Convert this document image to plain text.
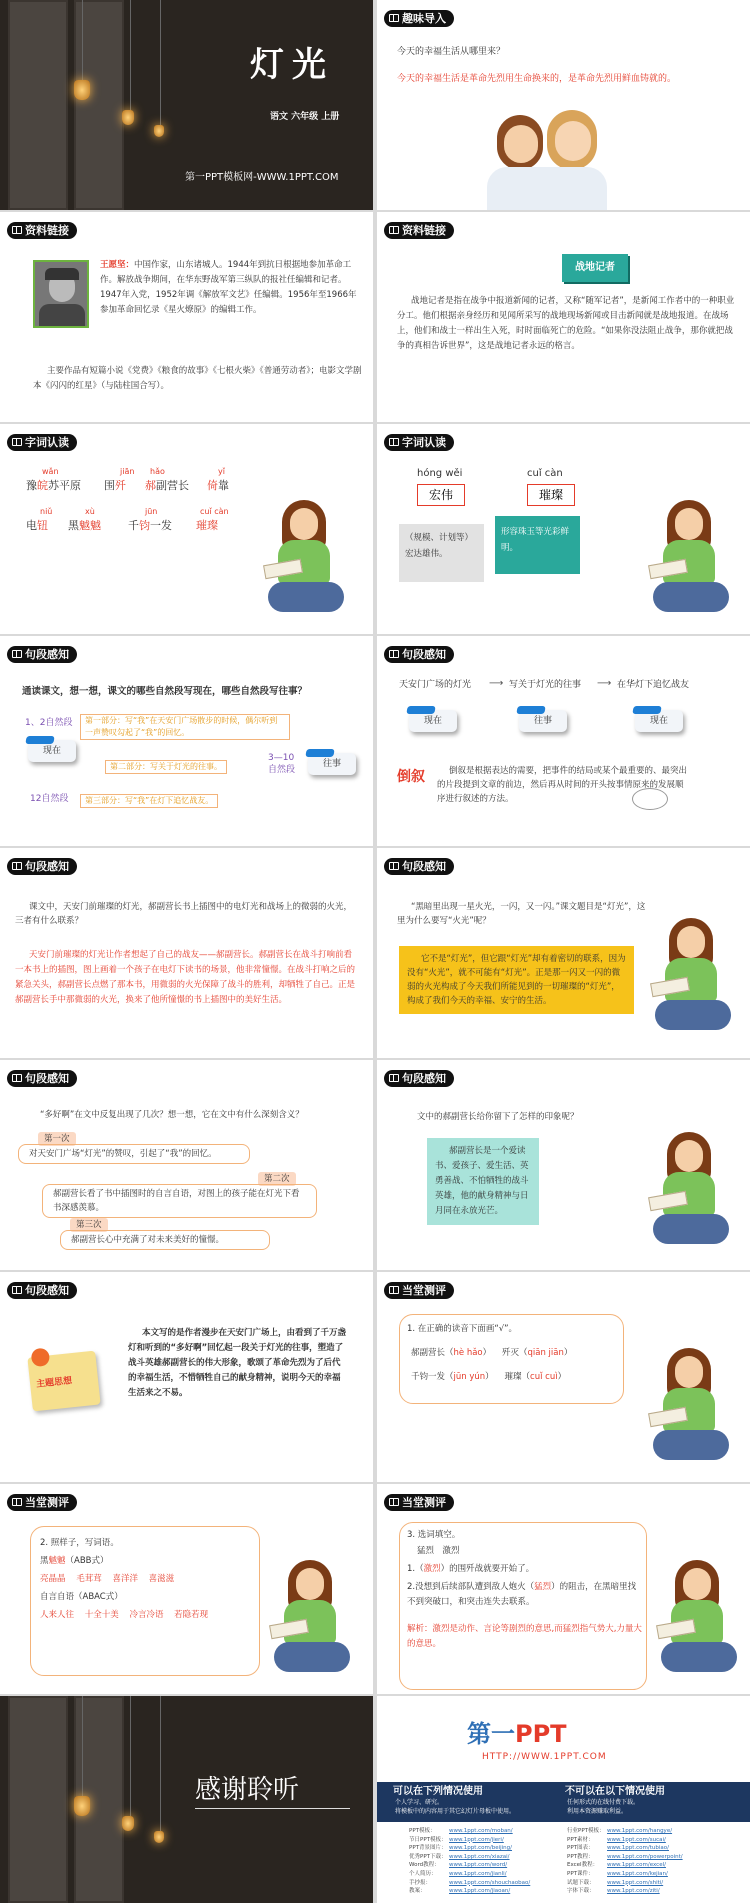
灯光
语文 六年级 上册
第一PPT模板网-WWW.1PPT.COM
趣味导入
今天的幸福生活从哪里来？
今天的幸福生活是革命先烈用生命换来的，是革命先烈用鲜血铸就的。
资料链接
王愿坚：中国作家，山东诸城人。1944年到抗日根据地参加革命工作。解放战争期间，在华东野战军第三纵队的报社任编辑和记者。1947年入党，1952年调《解放军文艺》任编辑。1956年至1966年参加革命回忆录《星火燎原》的编辑工作。
主要作品有短篇小说《党费》《粮食的故事》《七根火柴》《普通劳动者》；电影文学剧本《闪闪的红星》（与陆柱国合写）。
资料链接
战地记者
战地记者是指在战争中报道新闻的记者，又称“随军记者”，是新闻工作者中的一种职业分工。他们根据亲身经历和见闻所采写的战地现场新闻或目击新闻就是战地报道。在战场上，他们和战士一样出生入死，时时面临死亡的危险。“如果你没法阻止战争，那你就把战争的真相告诉世界”，这是战地记者永远的格言。
字词认读
wǎn
豫皖苏平原
jiān
围歼
hǎo
郝副营长
yǐ
倚靠
niǔ
电钮
xù
黑魆魆
jūn
千钧一发
cuǐ càn
璀璨
字词认读
hóng wěi
宏伟
cuǐ càn
璀璨
（规模、计划等）宏达雄伟。
形容珠玉等光彩鲜明。
句段感知
通读课文，想一想，课文的哪些自然段写现在，哪些自然段写往事？
1、2自然段
现在
12自然段
第一部分：写“我”在天安门广场散步的时候，偶尔听到一声赞叹勾起了“我”的回忆。
第二部分：写关于灯光的往事。
第三部分：写“我”在灯下追忆战友。
3—10自然段
往事
句段感知
天安门广场的灯光 ⟶ 写关于灯光的往事 ⟶ 在华灯下追忆战友
现在	往事	现在
倒叙	倒叙是根据表达的需要，把事件的结局或某个最重要的、最突出的片段提到文章的前边，然后再从时间的开头按事情原来的发展顺序进行叙述的方法。
句段感知
课文中，天安门前璀璨的灯光，郝副营长书上插图中的电灯光和战场上的微弱的火光，三者有什么联系？
天安门前璀璨的灯光让作者想起了自己的战友——郝副营长。郝副营长在战斗打响前看一本书上的插图，图上画着一个孩子在电灯下读书的场景，他非常憧憬。在战斗打响之后的紧急关头，郝副营长点燃了那本书，用微弱的火光保障了战斗的胜利，却牺牲了自己。正是郝副营长手中那微弱的火光，换来了他所憧憬的书上插图中的美好生活。
句段感知
“黑暗里出现一星火光，一闪，又一闪。”课文题目是“灯光”，这里为什么要写“火光”呢？
它不是“灯光”，但它跟“灯光”却有着密切的联系，因为没有“火光”，就不可能有“灯光”。正是那一闪又一闪的微弱的火光构成了今天我们所能见到的一切璀璨的“灯光”，构成了我们今天的幸福、安宁的生活。
句段感知
“多好啊”在文中反复出现了几次？想一想，它在文中有什么深刻含义？
第一次
对天安门广场“灯光”的赞叹，引起了“我”的回忆。
第二次
郝副营长看了书中插图时的自言自语，对图上的孩子能在灯光下看书深感羡慕。
第三次
郝副营长心中充满了对未来美好的憧憬。
句段感知
文中的郝副营长给你留下了怎样的印象呢？
郝副营长是一个爱读书、爱孩子、爱生活、英勇善战、不怕牺牲的战斗英雄，他的献身精神与日月同在永放光芒。
句段感知
主题思想
本文写的是作者漫步在天安门广场上，由看到了千万盏灯和听到的“多好啊”回忆起一段关于灯光的往事，塑造了战斗英雄郝副营长的伟大形象，歌颂了革命先烈为了后代的幸福生活，不惜牺牲自己的献身精神，说明今天的幸福生活来之不易。
当堂测评
1. 在正确的读音下面画“√”。
郝副营长（hè hǎo） 歼灭（qiān jiān）
千钧一发（jūn yún） 璀璨（cuǐ cuì）
当堂测评
2. 照样子，写词语。
黑魆魆（ABB式）
亮晶晶 毛茸茸 喜洋洋 喜滋滋
自言自语（ABAC式）
人来人往 十全十美 冷言冷语 若隐若现
当堂测评
3. 选词填空。
猛烈　激烈
1.（激烈）的围歼战就要开始了。
2.没想到后续部队遭到敌人炮火（猛烈）的阻击，在黑暗里找不到突破口，和突击连失去联系。
解析：激烈是动作、言论等剧烈的意思,而猛烈指气势大,力量大的意思。
感谢聆听
第一PPT
HTTP://WWW.1PPT.COM
可以在下列情况使用
个人学习、研究。
将模板中的内容用于其它幻灯片母板中使用。
不可以在以下情况使用
任何形式的在线付费下载。
利用本资源赚取利益。
PPT模板： www.1ppt.com/moban/
节日PPT模板： www.1ppt.com/jieri/
PPT背景图片： www.1ppt.com/beijing/
优秀PPT下载： www.1ppt.com/xiazai/
Word教程： www.1ppt.com/word/
个人简历： www.1ppt.com/jianli/
手抄报：	www.1ppt.com/shouchaobao/
教案：	www.1ppt.com/jiaoan/
行业PPT模板： www.1ppt.com/hangye/
PPT素材： www.1ppt.com/sucai/
PPT图表： www.1ppt.com/tubiao/
PPT教程： www.1ppt.com/powerpoint/
Excel教程： www.1ppt.com/excel/
PPT课件： www.1ppt.com/kejian/
试题下载： www.1ppt.com/shiti/
字体下载： www.1ppt.com/ziti/
